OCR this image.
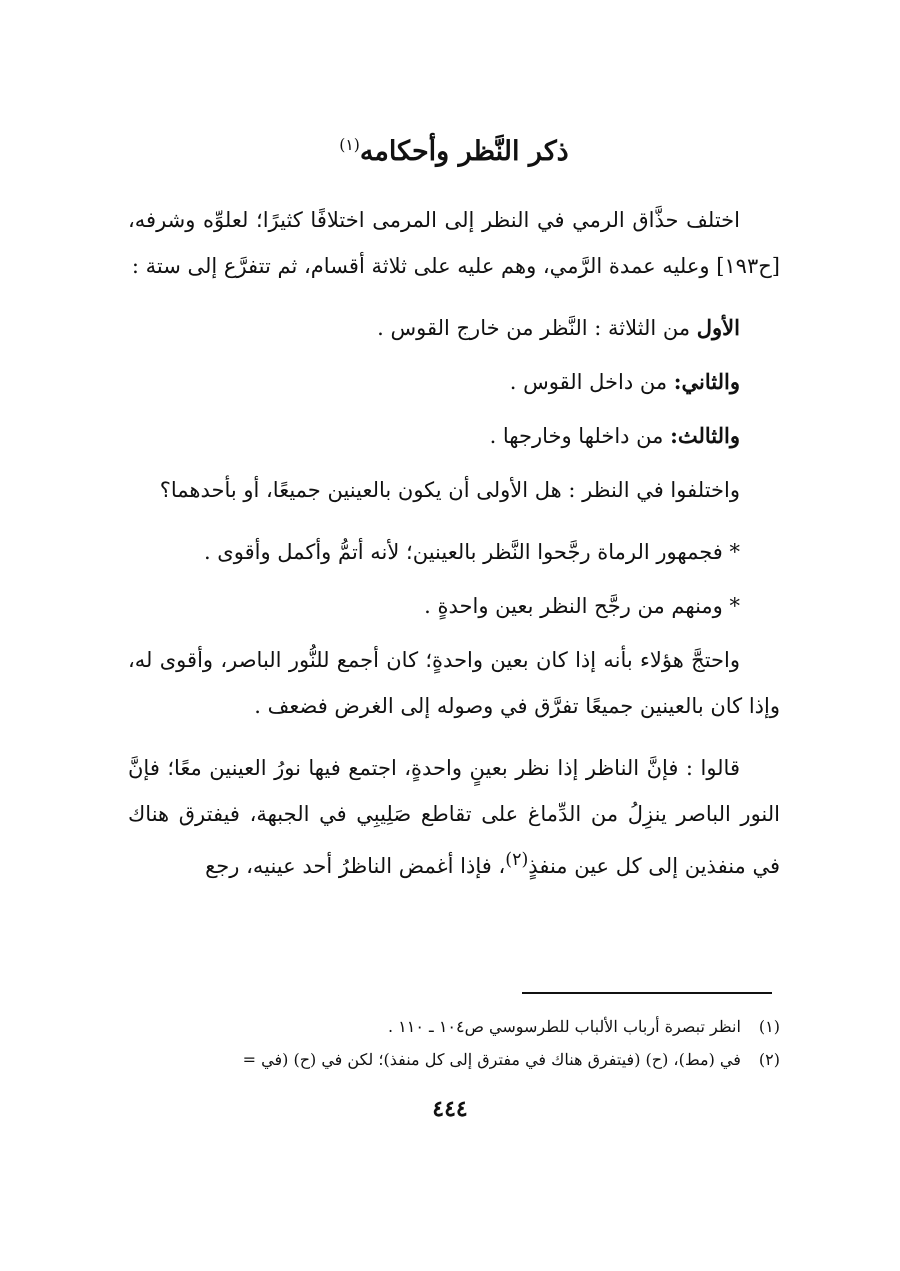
ذكر النَّظر وأحكامه$^{(١)}$

اختلف حذَّاق الرمي في النظر إلى المرمى اختلافًا كثيرًا؛ لعلوِّه وشرفه، [ح١٩٣] وعليه عمدة الرَّمي، وهم عليه على ثلاثة أقسام، ثم تتفرَّع إلى ستة :

الأول من الثلاثة : النَّظر من خارج القوس .

والثاني: من داخل القوس .

والثالث: من داخلها وخارجها .

واختلفوا في النظر : هل الأولى أن يكون بالعينين جميعًا، أو بأحدهما؟

* فجمهور الرماة رجَّحوا النَّظر بالعينين؛ لأنه أتمُّ وأكمل وأقوى .

* ومنهم من رجَّح النظر بعين واحدةٍ .

واحتجَّ هؤلاء بأنه إذا كان بعين واحدةٍ؛ كان أجمع للنُّور الباصر، وأقوى له، وإذا كان بالعينين جميعًا تفرَّق في وصوله إلى الغرض فضعف .

قالوا : فإنَّ الناظر إذا نظر بعينٍ واحدةٍ، اجتمع فيها نورُ العينين معًا؛ فإنَّ النور الباصر ينزِلُ من الدِّماغ على تقاطع صَلِيبِي في الجبهة، فيفترق هناك في منفذين إلى كل عين منفذٍ$^{(٢)}$، فإذا أغمض الناظرُ أحد عينيه، رجع

(١) انظر تبصرة أرباب الألباب للطرسوسي ص١٠٤ ـ ١١٠ .

(٢) في (مط)، (ح) (فيتفرق هناك في مفترق إلى كل منفذ)؛ لكن في (ح) (في =

٤٤٤
